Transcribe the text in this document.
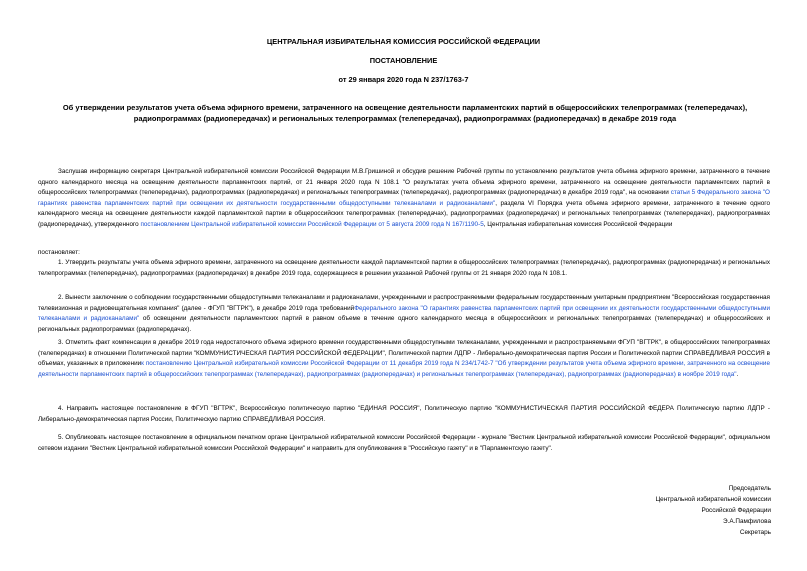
ЦЕНТРАЛЬНАЯ ИЗБИРАТЕЛЬНАЯ КОМИССИЯ РОССИЙСКОЙ ФЕДЕРАЦИИ
ПОСТАНОВЛЕНИЕ
от 29 января 2020 года N 237/1763-7
Об утверждении результатов учета объема эфирного времени, затраченного на освещение деятельности парламентских партий в общероссийских телепрограммах (телепередачах), радиопрограммах (радиопередачах) и региональных телепрограммах (телепередачах), радиопрограммах (радиопередачах) в декабре 2019 года
Заслушав информацию секретаря Центральной избирательной комиссии Российской Федерации М.В.Гришиной и обсудив решение Рабочей группы по установлению результатов учета объема эфирного времени, затраченного в течение одного календарного месяца на освещение деятельности парламентских партий, от 21 января 2020 года N 108.1 "О результатах учета объема эфирного времени, затраченного на освещение деятельности парламентских партий в общероссийских телепрограммах (телепередачах), радиопрограммах (радиопередачах) и региональных телепрограммах (телепередачах), радиопрограммах (радиопередачах) в декабре 2019 года", на основании статьи 5 Федерального закона "О гарантиях равенства парламентских партий при освещении их деятельности государственными общедоступными телеканалами и радиоканалами", раздела VI Порядка учета объема эфирного времени, затраченного в течение одного календарного месяца на освещение деятельности каждой парламентской партии в общероссийских телепрограммах (телепередачах), радиопрограммах (радиопередачах) и региональных телепрограммах (телепередачах), радиопрограммах (радиопередачах), утвержденного постановлением Центральной избирательной комиссии Российской Федерации от 5 августа 2009 года N 167/1190-5, Центральная избирательная комиссия Российской Федерации
постановляет:
1. Утвердить результаты учета объема эфирного времени, затраченного на освещение деятельности каждой парламентской партии в общероссийских телепрограммах (телепередачах), радиопрограммах (радиопередачах) и региональных телепрограммах (телепередачах), радиопрограммах (радиопередачах) в декабре 2019 года, содержащиеся в решении указанной Рабочей группы от 21 января 2020 года N 108.1.
2. Вынести заключение о соблюдении государственными общедоступными телеканалами и радиоканалами, учрежденными и распространяемыми федеральным государственным унитарным предприятием "Всероссийская государственная телевизионная и радиовещательная компания" (далее - ФГУП "ВГТРК"), в декабре 2019 года требованийФедерального закона "О гарантиях равенства парламентских партий при освещении их деятельности государственными общедоступными телеканалами и радиоканалами" об освещении деятельности парламентских партий в равном объеме в течение одного календарного месяца в общероссийских и региональных телепрограммах (телепередачах) и общероссийских и региональных радиопрограммах (радиопередачах).
3. Отметить факт компенсации в декабре 2019 года недостаточного объема эфирного времени государственными общедоступными телеканалами, учрежденными и распространяемыми ФГУП "ВГТРК", в общероссийских телепрограммах (телепередачах) в отношении Политической партии "КОММУНИСТИЧЕСКАЯ ПАРТИЯ РОССИЙСКОЙ ФЕДЕРАЦИИ", Политической партии ЛДПР - Либерально-демократическая партия России и Политической партии СПРАВЕДЛИВАЯ РОССИЯ в объемах, указанных в приложениик постановлению Центральной избирательной комиссии Российской Федерации от 11 декабря 2019 года N 234/1742-7 "Об утверждении результатов учета объема эфирного времени, затраченного на освещение деятельности парламентских партий в общероссийских телепрограммах (телепередачах), радиопрограммах (радиопередачах) и региональных телепрограммах (телепередачах), радиопрограммах (радиопередачах) в ноябре 2019 года".
4. Направить настоящее постановление в ФГУП "ВГТРК", Всероссийскую политическую партию "ЕДИНАЯ РОССИЯ", Политическую партию "КОММУНИСТИЧЕСКАЯ ПАРТИЯ РОССИЙСКОЙ ФЕДЕРА Политическую партию ЛДПР - Либерально-демократическая партия России, Политическую партию СПРАВЕДЛИВАЯ РОССИЯ.
5. Опубликовать настоящее постановление в официальном печатном органе Центральной избирательной комиссии Российской Федерации - журнале "Вестник Центральной избирательной комиссии Российской Федерации", официальном сетевом издании "Вестник Центральной избирательной комиссии Российской Федерации" и направить для опубликования в "Российскую газету" и в "Парламентскую газету".
Председатель
Центральной избирательной комиссии
Российской Федерации
Э.А.Памфилова
Секретарь
